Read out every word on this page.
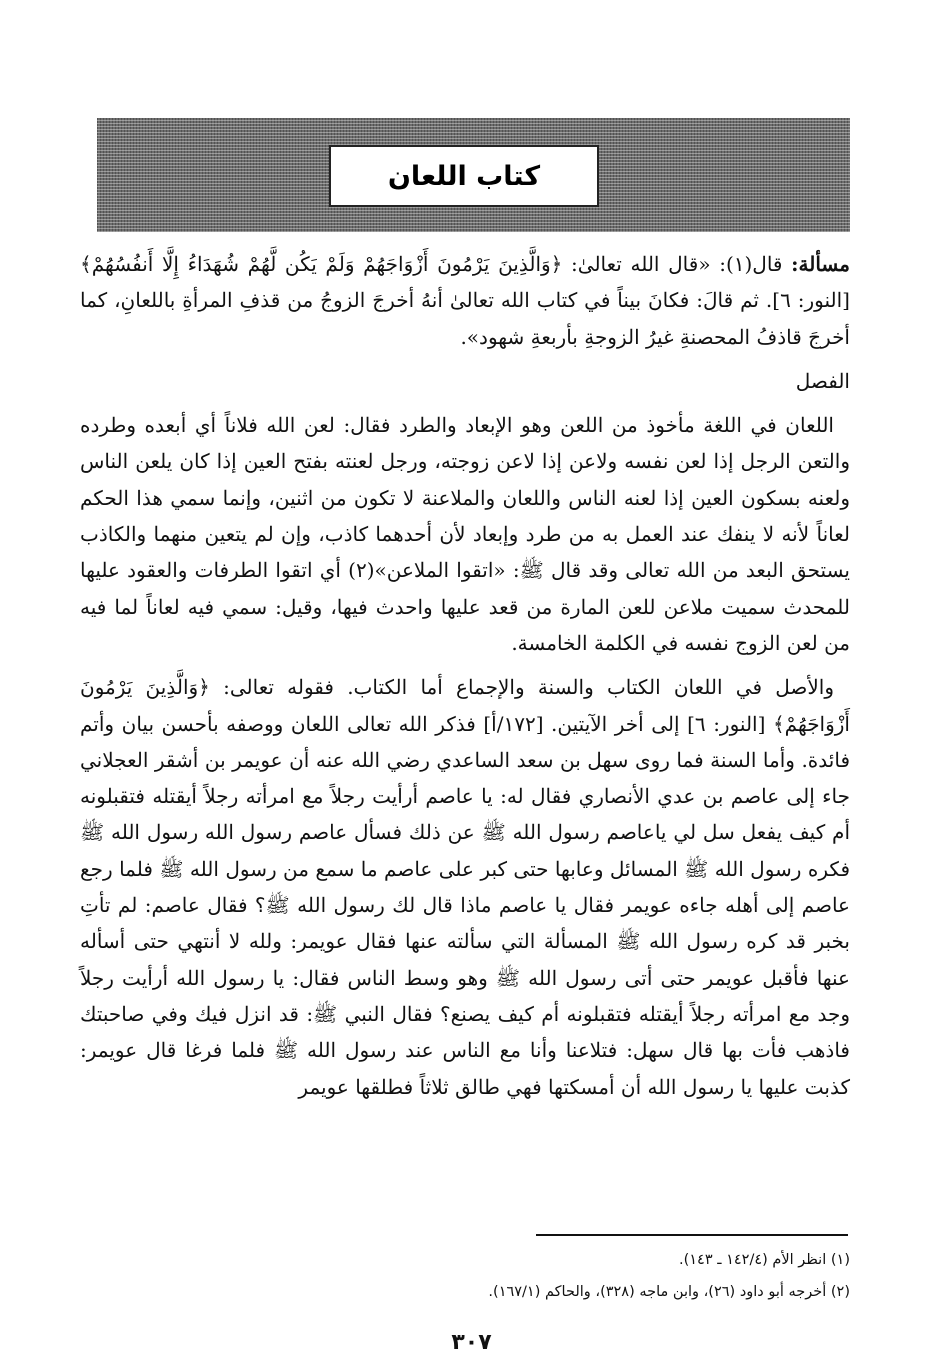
كتاب اللعان

مسألة: قال(١): «قال الله تعالىٰ: ﴿وَالَّذِينَ يَرْمُونَ أَزْوَاجَهُمْ وَلَمْ يَكُن لَّهُمْ شُهَدَاءُ إِلَّا أَنفُسُهُمْ﴾ [النور: ٦]. ثم قالَ: فكانَ بيناً في كتاب الله تعالىٰ أنهُ أخرجَ الزوجُ من قذفِ المرأةِ باللعانِ، كما أخرجَ قاذفُ المحصنةِ غيرُ الزوجةِ بأربعةِ شهود».

الفصل

اللعان في اللغة مأخوذ من اللعن وهو الإبعاد والطرد فقال: لعن الله فلاناً أي أبعده وطرده والتعن الرجل إذا لعن نفسه ولاعن إذا لاعن زوجته، ورجل لعنته بفتح العين إذا كان يلعن الناس ولعنه بسكون العين إذا لعنه الناس واللعان والملاعنة لا تكون من اثنين، وإنما سمي هذا الحكم لعاناً لأنه لا ينفك عند العمل به من طرد وإبعاد لأن أحدهما كاذب، وإن لم يتعين منهما والكاذب يستحق البعد من الله تعالى وقد قال ﷺ: «اتقوا الملاعن»(٢) أي اتقوا الطرفات والعقود عليها للمحدث سميت ملاعن للعن المارة من قعد عليها واحدث فيها، وقيل: سمي فيه لعاناً لما فيه من لعن الزوج نفسه في الكلمة الخامسة.

والأصل في اللعان الكتاب والسنة والإجماع أما الكتاب. فقوله تعالى: ﴿وَالَّذِينَ يَرْمُونَ أَزْوَاجَهُمْ﴾ [النور: ٦] إلى أخر الآيتين. [١٧٢/أ] فذكر الله تعالى اللعان ووصفه بأحسن بيان وأتم فائدة. وأما السنة فما روى سهل بن سعد الساعدي رضي الله عنه أن عويمر بن أشقر العجلاني جاء إلى عاصم بن عدي الأنصاري فقال له: يا عاصم أرأيت رجلاً مع امرأته رجلاً أيقتله فتقبلونه أم كيف يفعل سل لي ياعاصم رسول الله ﷺ عن ذلك فسأل عاصم رسول الله رسول الله ﷺ فكره رسول الله ﷺ المسائل وعابها حتى كبر على عاصم ما سمع من رسول الله ﷺ فلما رجع عاصم إلى أهله جاءه عويمر فقال يا عاصم ماذا قال لك رسول الله ﷺ؟ فقال عاصم: لم تأتِ بخبر قد كره رسول الله ﷺ المسألة التي سألته عنها فقال عويمر: ولله لا أنتهي حتى أسأله عنها فأقبل عويمر حتى أتى رسول الله ﷺ وهو وسط الناس فقال: يا رسول الله أرأيت رجلاً وجد مع امرأته رجلاً أيقتله فتقبلونه أم كيف يصنع؟ فقال النبي ﷺ: قد انزل فيك وفي صاحبتك فاذهب فأت بها قال سهل: فتلاعنا وأنا مع الناس عند رسول الله ﷺ فلما فرغا قال عويمر: كذبت عليها يا رسول الله أن أمسكتها فهي طالق ثلاثاً فطلقها عويمر

(١) انظر الأم (١٤٢/٤ ـ ١٤٣).

(٢) أخرجه أبو داود (٢٦)، وابن ماجه (٣٢٨)، والحاكم (١٦٧/١).

٣٠٧
